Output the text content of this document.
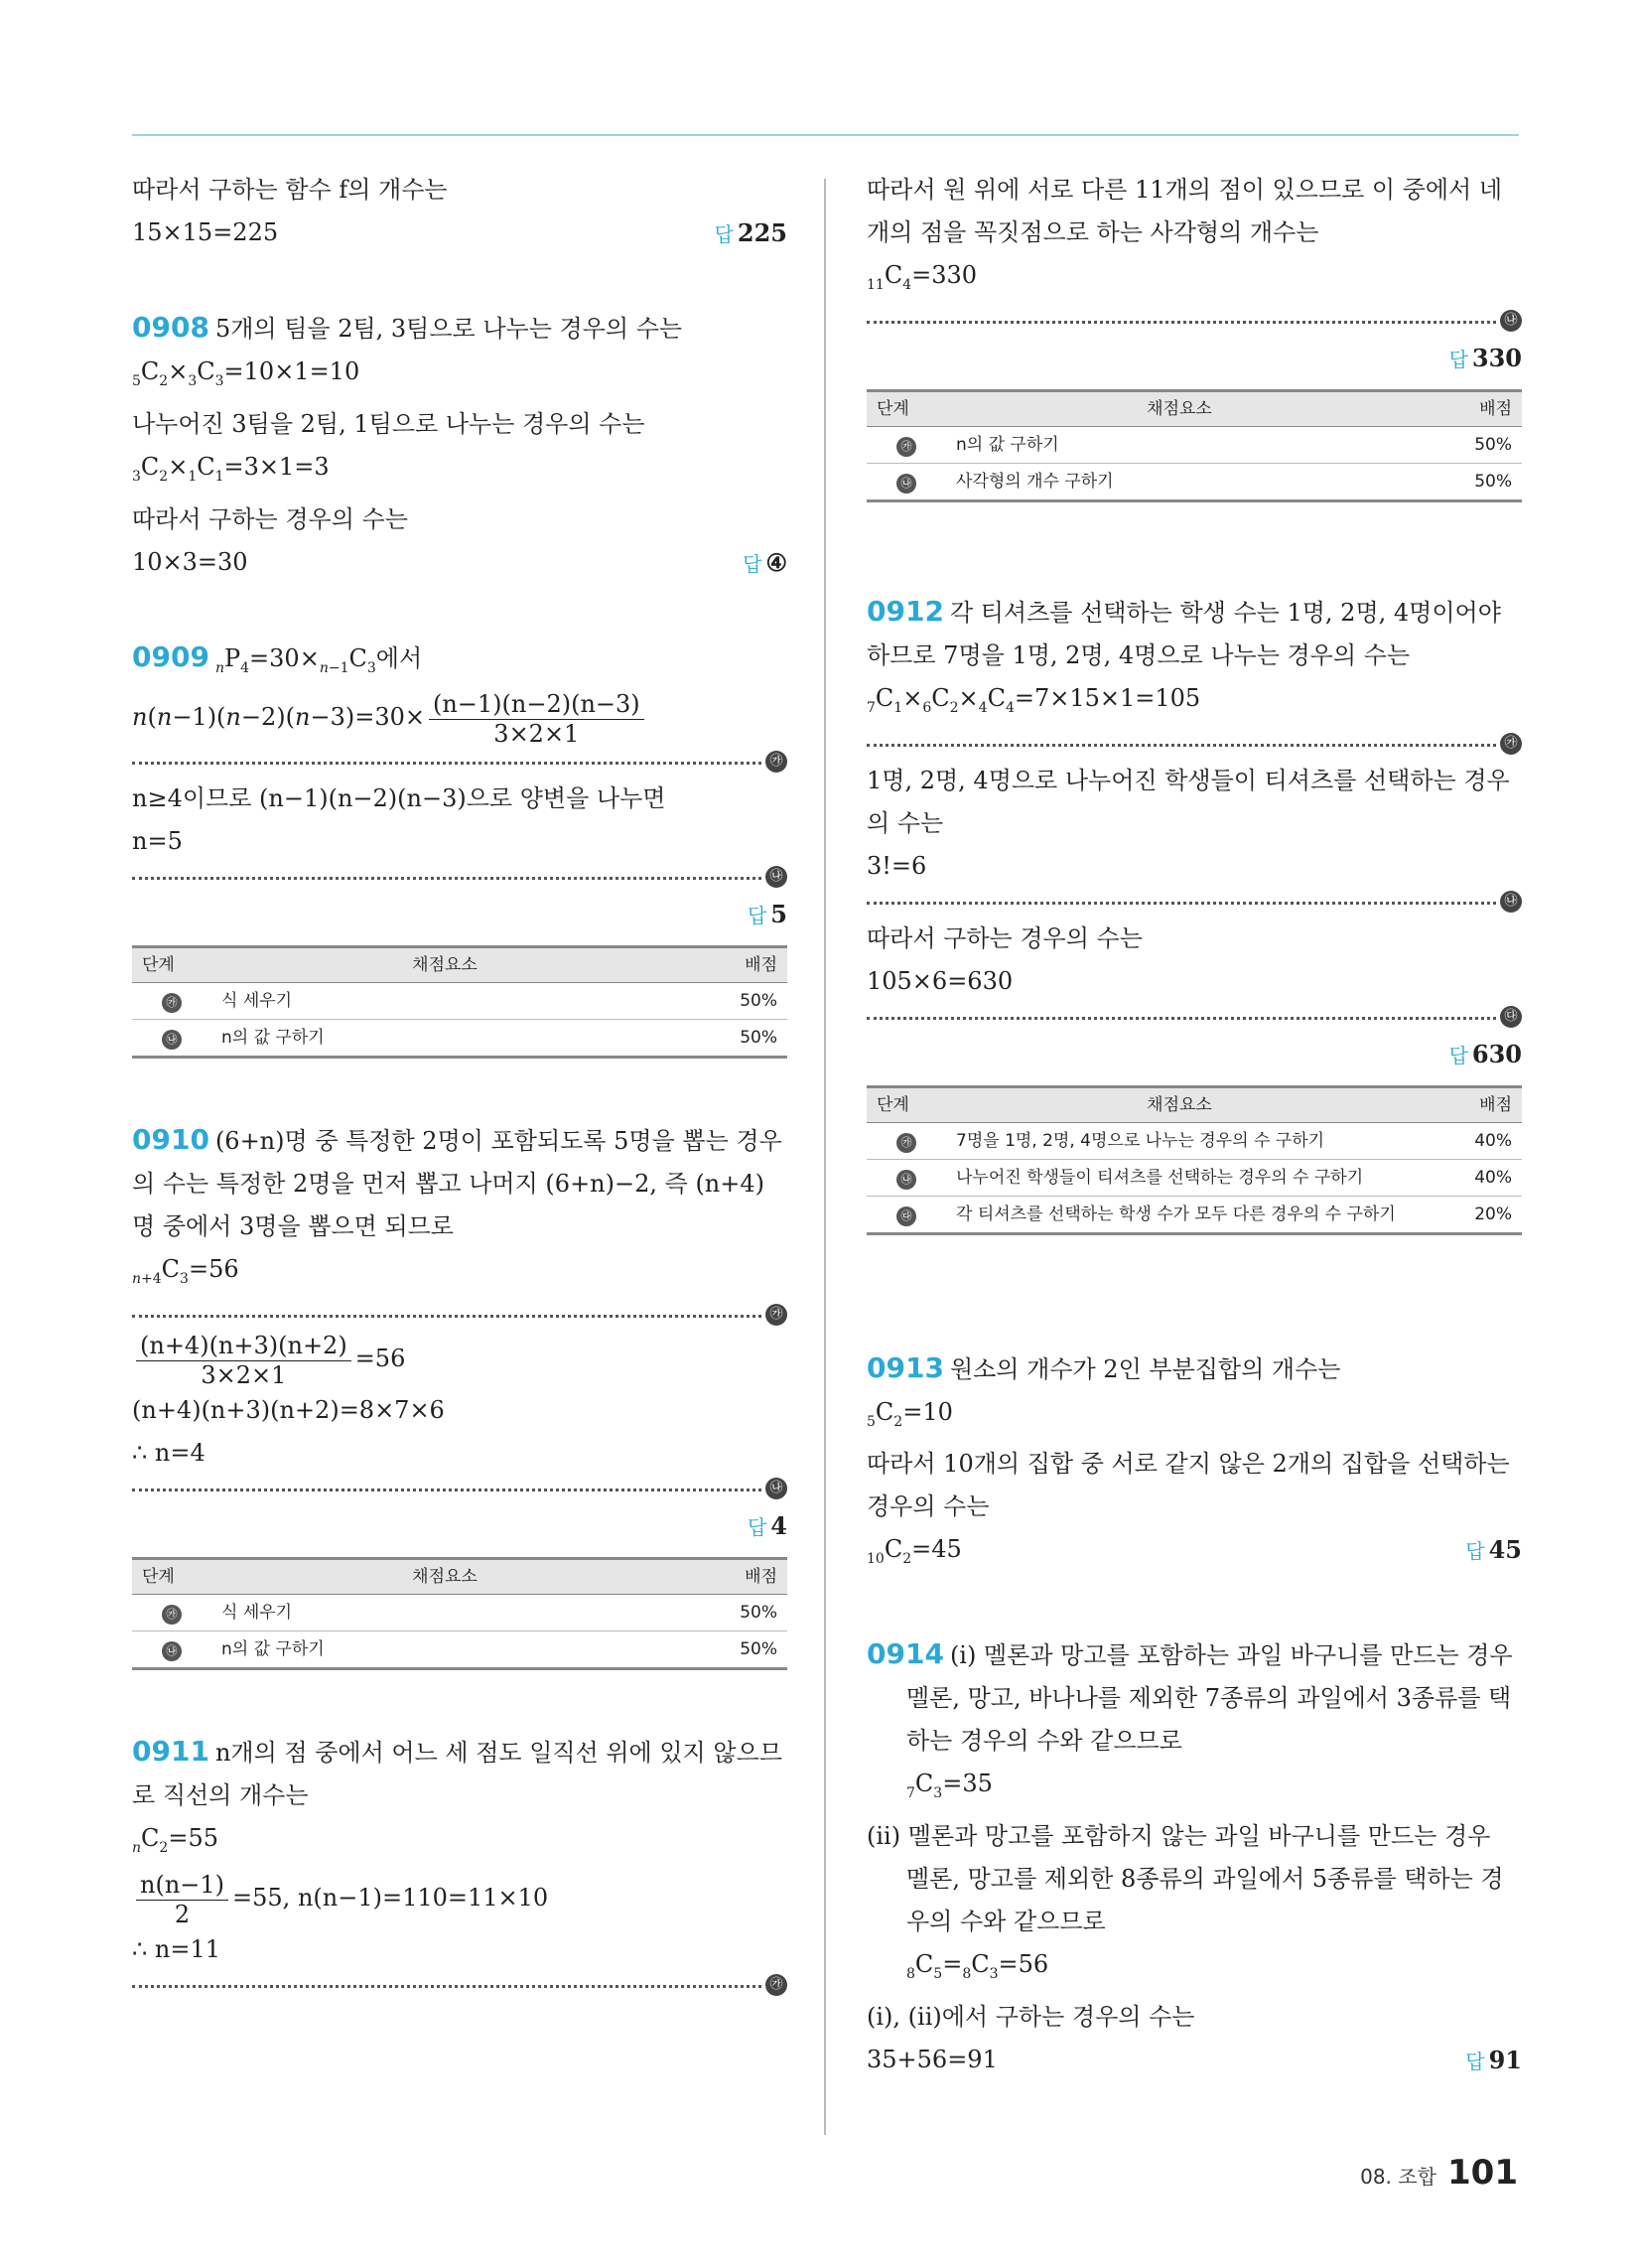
따라서 구하는 함수 f의 개수는
15×15=225	답 225
0908 5개의 팀을 2팀, 3팀으로 나누는 경우의 수는
$_5C_2\times_3C_3=10\times 1=10$
나누어진 3팀을 2팀, 1팀으로 나누는 경우의 수는
$_3C_2\times_1C_1=3\times 1=3$
따라서 구하는 경우의 수는
10×3=30	답 ④
0909 $_nP_4=30\times_{n-1}C_3$에서
$n(n-1)(n-2)(n-3)=30\times \frac{(n-1)(n-2)(n-3)}{3\times 2\times 1}$
㉮
n≥4이므로 (n−1)(n−2)(n−3)으로 양변을 나누면
n=5
㉯
답 5
단계	채점요소	배점
㉮	식 세우기	50%
㉯	n의 값 구하기	50%
0910 (6+n)명 중 특정한 2명이 포함되도록 5명을 뽑는 경우의 수는 특정한 2명을 먼저 뽑고 나머지 (6+n)−2, 즉 (n+4)명 중에서 3명을 뽑으면 되므로
$_{n+4}C_3=56$
㉮
$\frac{(n+4)(n+3)(n+2)}{3\times 2\times 1} =56$
(n+4)(n+3)(n+2)=8×7×6
∴ n=4
㉯
답 4
단계	채점요소	배점
㉮	식 세우기	50%
㉯	n의 값 구하기	50%
0911 n개의 점 중에서 어느 세 점도 일직선 위에 있지 않으므로 직선의 개수는
$_nC_2=55$
$\frac{n(n-1)}{2} =55$, n(n−1)=110=11×10
∴ n=11
㉮
따라서 원 위에 서로 다른 11개의 점이 있으므로 이 중에서 네 개의 점을 꼭짓점으로 하는 사각형의 개수는
$_{11}C_4=330$
㉯
답 330
단계	채점요소	배점
㉮	n의 값 구하기	50%
㉯	사각형의 개수 구하기	50%
0912 각 티셔츠를 선택하는 학생 수는 1명, 2명, 4명이어야 하므로 7명을 1명, 2명, 4명으로 나누는 경우의 수는
$_7C_1\times_6C_2\times_4C_4=7\times 15\times 1=105$
㉮
1명, 2명, 4명으로 나누어진 학생들이 티셔츠를 선택하는 경우의 수는
3!=6
㉯
따라서 구하는 경우의 수는
105×6=630
㉰
답 630
단계	채점요소	배점
㉮	7명을 1명, 2명, 4명으로 나누는 경우의 수 구하기	40%
㉯	나누어진 학생들이 티셔츠를 선택하는 경우의 수 구하기	40%
㉰	각 티셔츠를 선택하는 학생 수가 모두 다른 경우의 수 구하기	20%
0913 원소의 개수가 2인 부분집합의 개수는
$_5C_2=10$
따라서 10개의 집합 중 서로 같지 않은 2개의 집합을 선택하는 경우의 수는
$_{10}C_2=45$	답 45
0914 (i) 멜론과 망고를 포함하는 과일 바구니를 만드는 경우
멜론, 망고, 바나나를 제외한 7종류의 과일에서 3종류를 택하는 경우의 수와 같으므로
$_7C_3=35$
(ii) 멜론과 망고를 포함하지 않는 과일 바구니를 만드는 경우
멜론, 망고를 제외한 8종류의 과일에서 5종류를 택하는 경우의 수와 같으므로
$_8C_5=_8C_3=56$
(i), (ii)에서 구하는 경우의 수는
35+56=91	답 91
08. 조합 101
